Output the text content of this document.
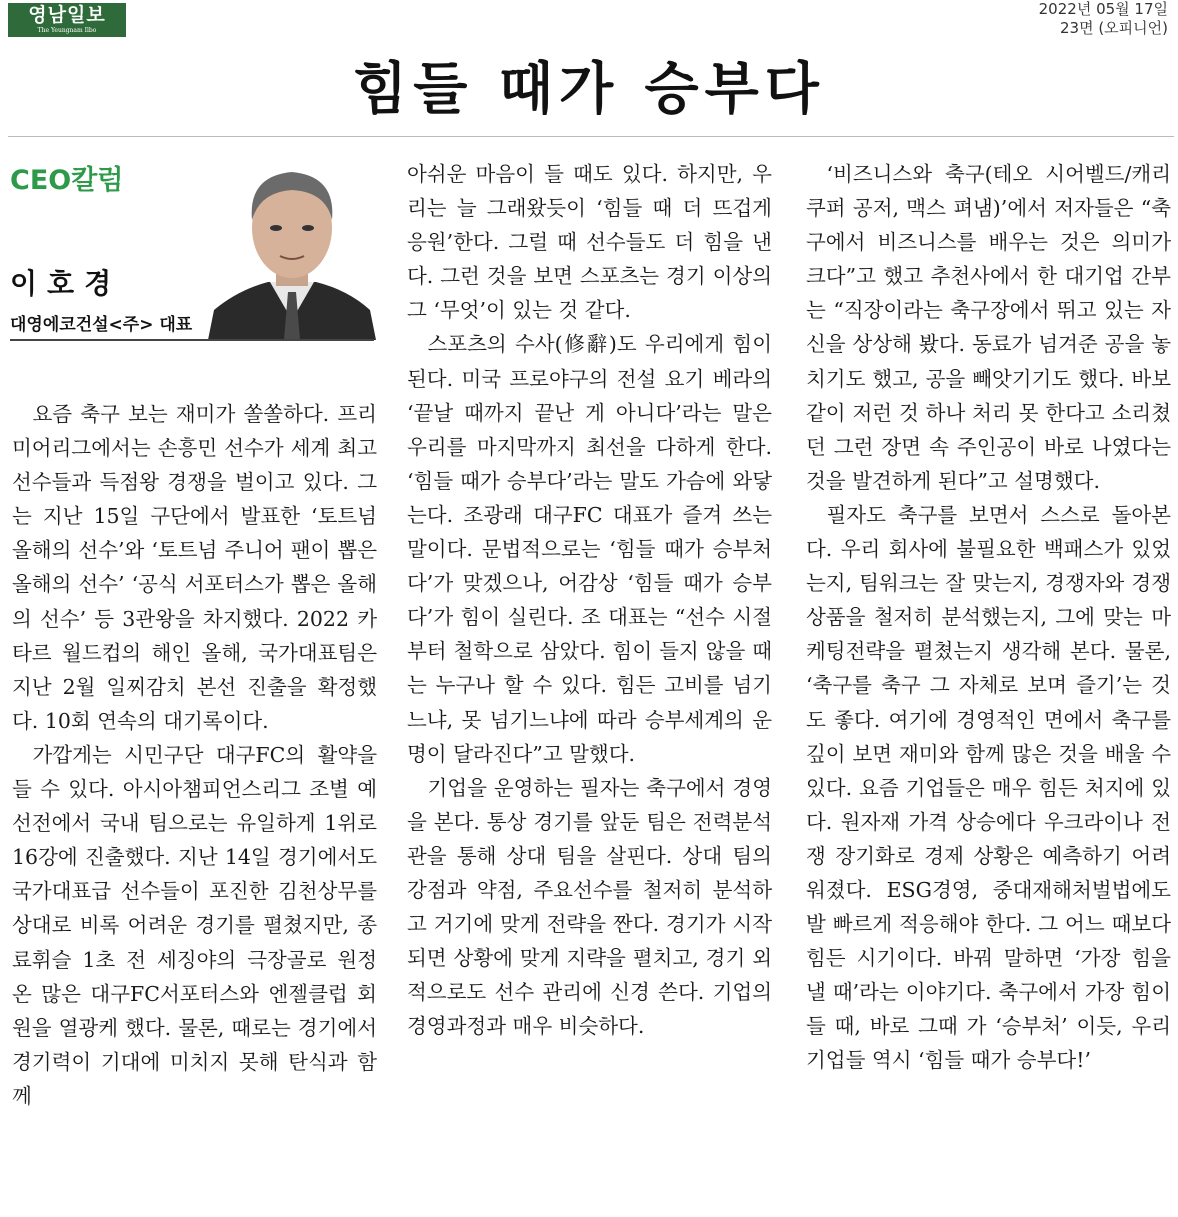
영남일보
The Yeungnam Ilbo
2022년 05월 17일
23면 (오피니언)
힘들 때가 승부다
CEO칼럼
이호경
대영에코건설<주> 대표

요즘 축구 보는 재미가 쏠쏠하다. 프리미어리그에서는 손흥민 선수가 세계 최고 선수들과 득점왕 경쟁을 벌이고 있다. 그는 지난 15일 구단에서 발표한 ‘토트넘 올해의 선수’와 ‘토트넘 주니어 팬이 뽑은 올해의 선수’ ‘공식 서포터스가 뽑은 올해의 선수’ 등 3관왕을 차지했다. 2022 카타르 월드컵의 해인 올해, 국가대표팀은 지난 2월 일찌감치 본선 진출을 확정했다. 10회 연속의 대기록이다.

가깝게는 시민구단 대구FC의 활약을 들 수 있다. 아시아챔피언스리그 조별 예선전에서 국내 팀으로는 유일하게 1위로 16강에 진출했다. 지난 14일 경기에서도 국가대표급 선수들이 포진한 김천상무를 상대로 비록 어려운 경기를 펼쳤지만, 종료휘슬 1초 전 세징야의 극장골로 원정 온 많은 대구FC서포터스와 엔젤클럽 회원을 열광케 했다. 물론, 때로는 경기에서 경기력이 기대에 미치지 못해 탄식과 함께

아쉬운 마음이 들 때도 있다. 하지만, 우리는 늘 그래왔듯이 ‘힘들 때 더 뜨겁게 응원’한다. 그럴 때 선수들도 더 힘을 낸다. 그런 것을 보면 스포츠는 경기 이상의 그 ‘무엇’이 있는 것 같다.

스포츠의 수사(修辭)도 우리에게 힘이 된다. 미국 프로야구의 전설 요기 베라의 ‘끝날 때까지 끝난 게 아니다’라는 말은 우리를 마지막까지 최선을 다하게 한다. ‘힘들 때가 승부다’라는 말도 가슴에 와닿는다. 조광래 대구FC 대표가 즐겨 쓰는 말이다. 문법적으로는 ‘힘들 때가 승부처다’가 맞겠으나, 어감상 ‘힘들 때가 승부다’가 힘이 실린다. 조 대표는 “선수 시절부터 철학으로 삼았다. 힘이 들지 않을 때는 누구나 할 수 있다. 힘든 고비를 넘기느냐, 못 넘기느냐에 따라 승부세계의 운명이 달라진다”고 말했다.

기업을 운영하는 필자는 축구에서 경영을 본다. 통상 경기를 앞둔 팀은 전력분석관을 통해 상대 팀을 살핀다. 상대 팀의 강점과 약점, 주요선수를 철저히 분석하고 거기에 맞게 전략을 짠다. 경기가 시작되면 상황에 맞게 지략을 펼치고, 경기 외적으로도 선수 관리에 신경 쓴다. 기업의 경영과정과 매우 비슷하다.

‘비즈니스와 축구(테오 시어벨드/캐리 쿠퍼 공저, 맥스 펴냄)’에서 저자들은 “축구에서 비즈니스를 배우는 것은 의미가 크다”고 했고 추천사에서 한 대기업 간부는 “직장이라는 축구장에서 뛰고 있는 자신을 상상해 봤다. 동료가 넘겨준 공을 놓치기도 했고, 공을 빼앗기기도 했다. 바보같이 저런 것 하나 처리 못 한다고 소리쳤던 그런 장면 속 주인공이 바로 나였다는 것을 발견하게 된다”고 설명했다.

필자도 축구를 보면서 스스로 돌아본다. 우리 회사에 불필요한 백패스가 있었는지, 팀워크는 잘 맞는지, 경쟁자와 경쟁상품을 철저히 분석했는지, 그에 맞는 마케팅전략을 펼쳤는지 생각해 본다. 물론, ‘축구를 축구 그 자체로 보며 즐기’는 것도 좋다. 여기에 경영적인 면에서 축구를 깊이 보면 재미와 함께 많은 것을 배울 수 있다. 요즘 기업들은 매우 힘든 처지에 있다. 원자재 가격 상승에다 우크라이나 전쟁 장기화로 경제 상황은 예측하기 어려워졌다. ESG경영, 중대재해처벌법에도 발 빠르게 적응해야 한다. 그 어느 때보다 힘든 시기이다. 바꿔 말하면 ‘가장 힘을 낼 때’라는 이야기다. 축구에서 가장 힘이 들 때, 바로 그때 가 ‘승부처’ 이듯, 우리 기업들 역시 ‘힘들 때가 승부다!’
